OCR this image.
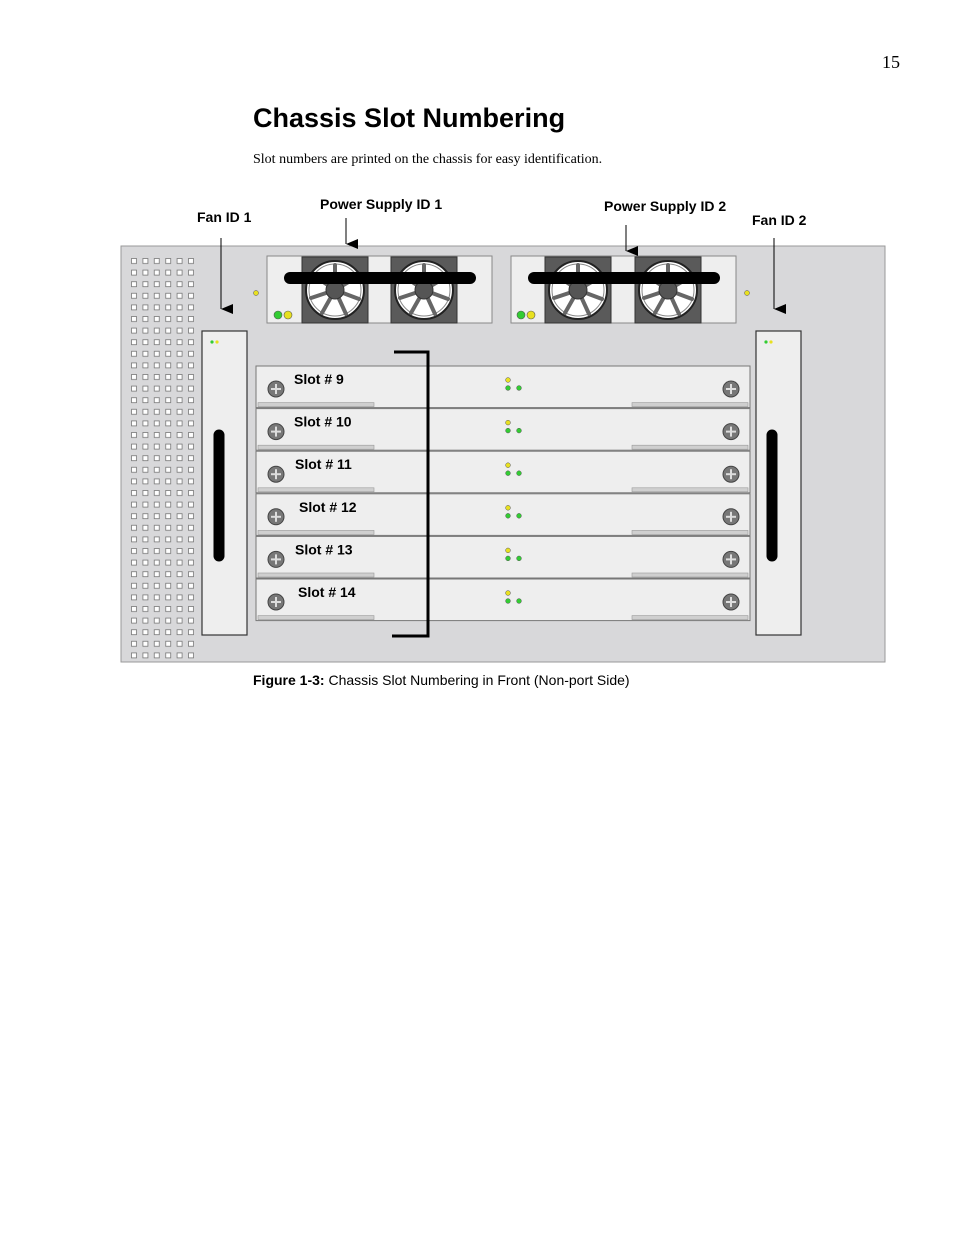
15
Chassis Slot Numbering

Slot numbers are printed on the chassis for easy identification.

Slot # 9
Slot # 10
Slot # 11
Slot # 12
Slot # 13
Slot # 14
Fan ID 1
Power Supply ID 1	Power Supply ID 2
Fan ID 2

Figure 1-3: Chassis Slot Numbering in Front (Non-port Side)
